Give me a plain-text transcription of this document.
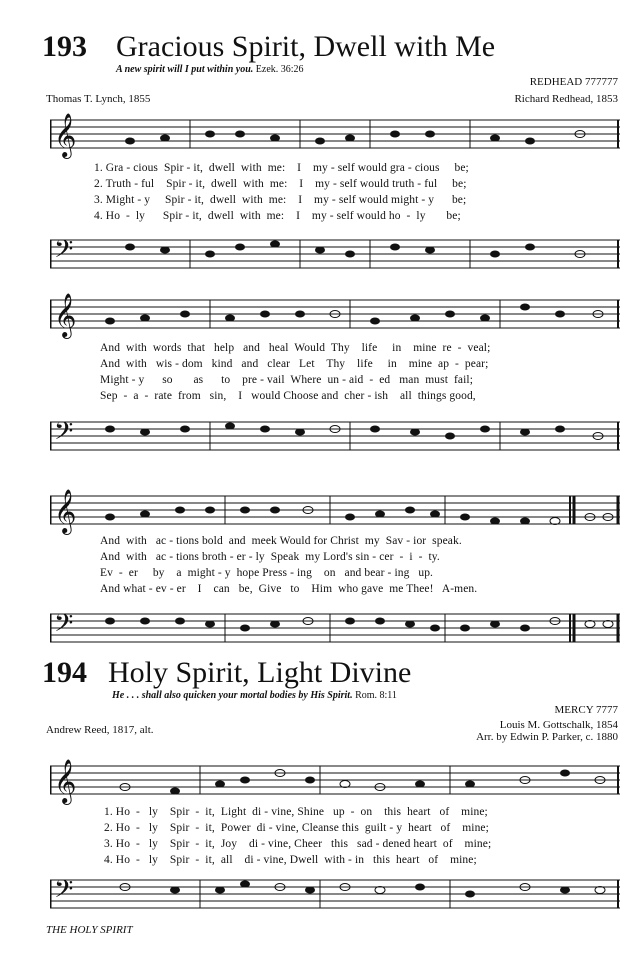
193 Gracious Spirit, Dwell with Me
A new spirit will I put within you. Ezek. 36:26
REDHEAD 777777
Thomas T. Lynch, 1855	Richard Redhead, 1853
𝄞
1. Gra - cious  Spir - it,  dwell  with  me:    I    my - self would gra - cious     be;
2. Truth - ful    Spir - it,  dwell  with  me:    I    my - self would truth - ful     be;
3. Might - y     Spir - it,  dwell  with  me:    I    my - self would might - y      be;
4. Ho  -  ly      Spir - it,  dwell  with  me:    I    my - self would ho  -  ly       be;
𝄢
𝄞
And  with  words  that   help   and   heal  Would  Thy    life     in    mine  re  -  veal;
And  with   wis - dom   kind   and   clear   Let    Thy    life     in    mine  ap  -  pear;
Might - y      so       as      to    pre - vail  Where  un - aid  -  ed   man  must  fail;
Sep  -  a  -  rate  from   sin,    I   would Choose and  cher - ish    all  things good,
𝄢
𝄞
And  with   ac - tions bold  and  meek Would for Christ  my  Sav - ior  speak.
And  with   ac - tions broth - er - ly  Speak  my Lord's sin - cer  -  i  -  ty.
Ev  -  er     by    a  might - y  hope Press - ing    on   and bear - ing   up.
And what - ev - er    I    can   be,  Give   to    Him  who gave  me Thee!   A-men.
𝄢
194 Holy Spirit, Light Divine
He . . . shall also quicken your mortal bodies by His Spirit. Rom. 8:11
MERCY 7777
Louis M. Gottschalk, 1854
Andrew Reed, 1817, alt.
Arr. by Edwin P. Parker, c. 1880
𝄞
1. Ho  -   ly    Spir  -  it,  Light  di - vine, Shine   up  -  on    this  heart   of    mine;
2. Ho  -   ly    Spir  -  it,  Power  di - vine, Cleanse this  guilt - y  heart   of    mine;
3. Ho  -   ly    Spir  -  it,  Joy    di - vine, Cheer   this   sad - dened heart  of    mine;
4. Ho  -   ly    Spir  -  it,  all    di - vine, Dwell  with - in   this  heart   of    mine;
𝄢
THE HOLY SPIRIT
